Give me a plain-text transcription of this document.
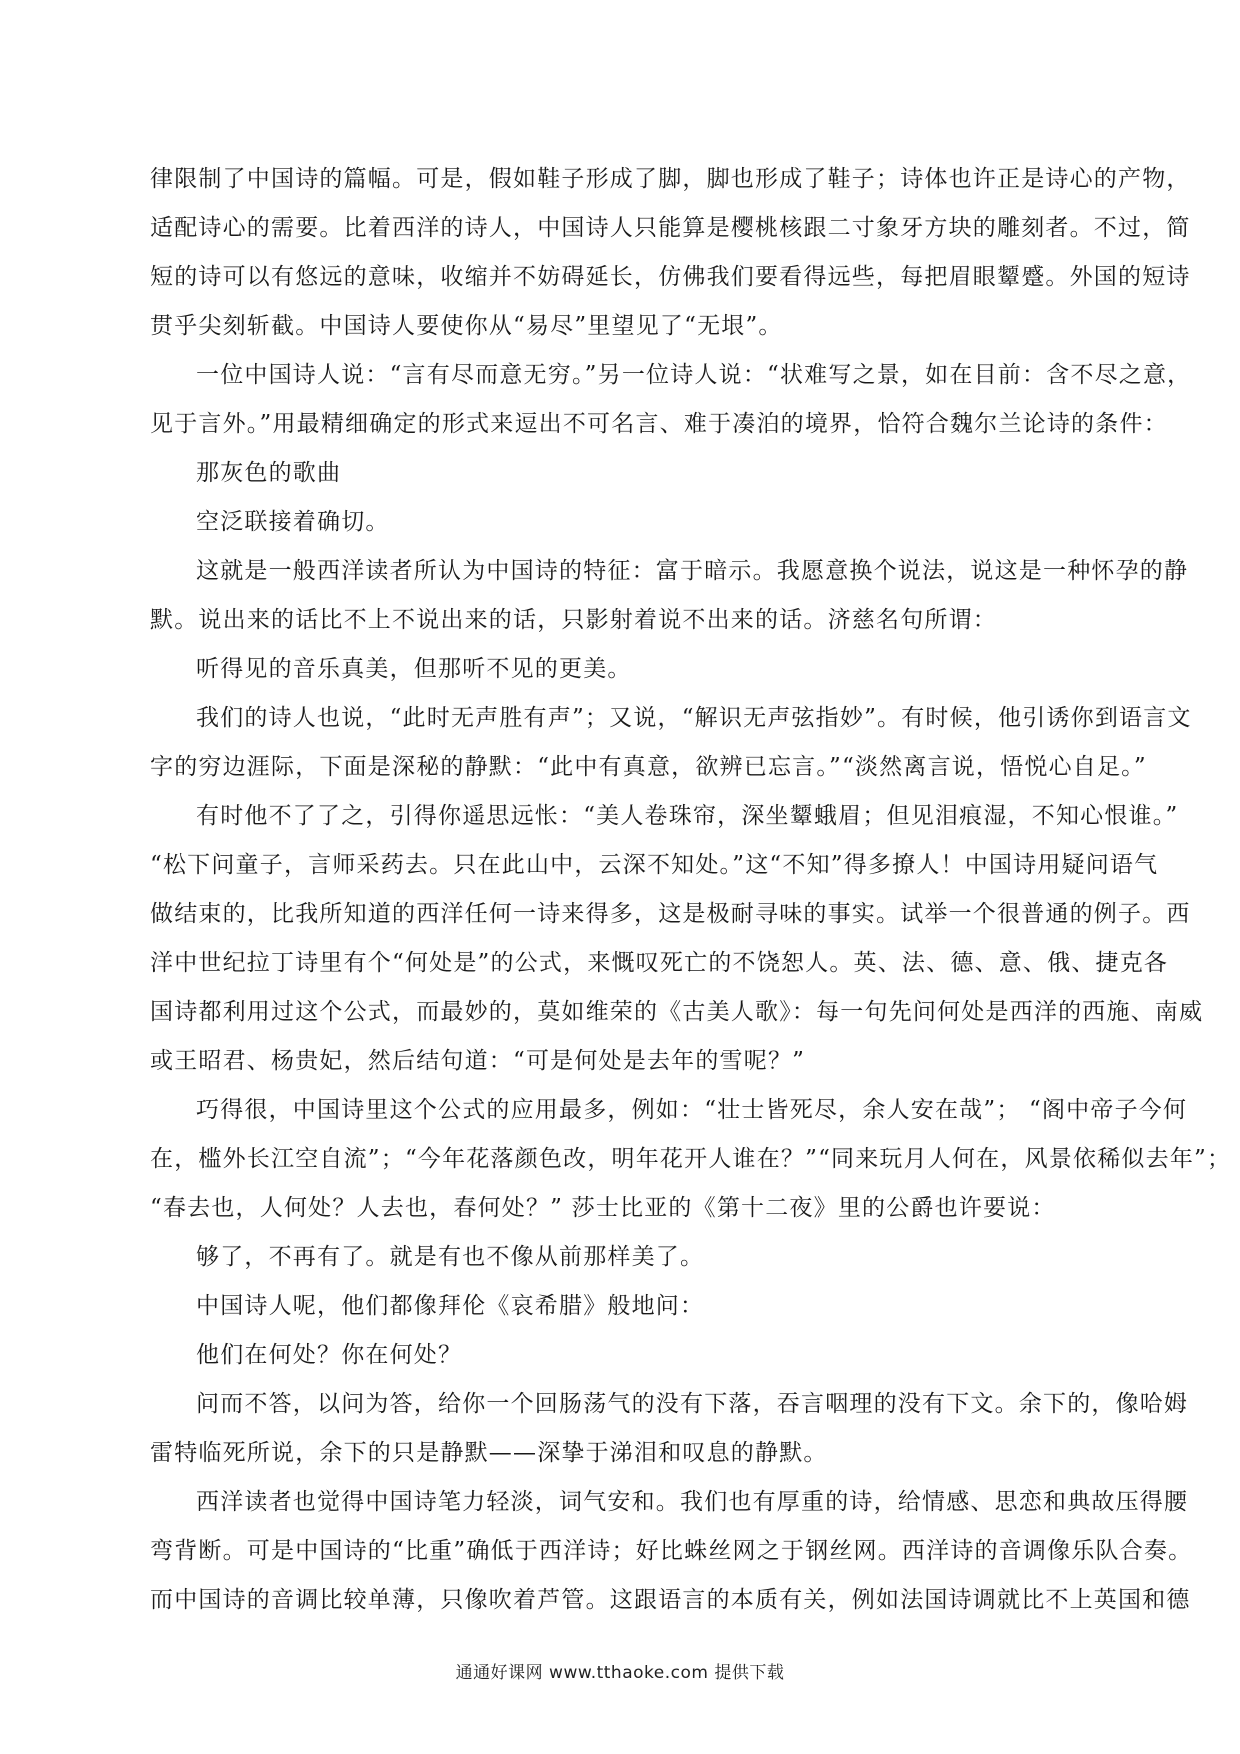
律限制了中国诗的篇幅。可是，假如鞋子形成了脚，脚也形成了鞋子；诗体也许正是诗心的产物，
适配诗心的需要。比着西洋的诗人，中国诗人只能算是樱桃核跟二寸象牙方块的雕刻者。不过，简
短的诗可以有悠远的意味，收缩并不妨碍延长，仿佛我们要看得远些，每把眉眼颦蹙。外国的短诗
贯乎尖刻斩截。中国诗人要使你从“易尽”里望见了“无垠”。
一位中国诗人说：“言有尽而意无穷。”另一位诗人说：“状难写之景，如在目前：含不尽之意，
见于言外。”用最精细确定的形式来逗出不可名言、难于凑泊的境界，恰符合魏尔兰论诗的条件：
那灰色的歌曲
空泛联接着确切。
这就是一般西洋读者所认为中国诗的特征：富于暗示。我愿意换个说法，说这是一种怀孕的静
默。说出来的话比不上不说出来的话，只影射着说不出来的话。济慈名句所谓：
听得见的音乐真美，但那听不见的更美。
我们的诗人也说，“此时无声胜有声”；又说，“解识无声弦指妙”。有时候，他引诱你到语言文
字的穷边涯际，下面是深秘的静默：“此中有真意，欲辨已忘言。”“淡然离言说，悟悦心自足。”
有时他不了了之，引得你遥思远怅：“美人卷珠帘，深坐颦蛾眉；但见泪痕湿，不知心恨谁。”
“松下问童子，言师采药去。只在此山中，云深不知处。”这“不知”得多撩人！中国诗用疑问语气
做结束的，比我所知道的西洋任何一诗来得多，这是极耐寻味的事实。试举一个很普通的例子。西
洋中世纪拉丁诗里有个“何处是”的公式，来慨叹死亡的不饶恕人。英、法、德、意、俄、捷克各
国诗都利用过这个公式，而最妙的，莫如维荣的《古美人歌》：每一句先问何处是西洋的西施、南威
或王昭君、杨贵妃，然后结句道：“可是何处是去年的雪呢？”
巧得很，中国诗里这个公式的应用最多，例如：“壮士皆死尽，余人安在哉”； “阁中帝子今何
在，槛外长江空自流”；“今年花落颜色改，明年花开人谁在？”“同来玩月人何在，风景依稀似去年”；
“春去也，人何处？人去也，春何处？” 莎士比亚的《第十二夜》里的公爵也许要说：
够了，不再有了。就是有也不像从前那样美了。
中国诗人呢，他们都像拜伦《哀希腊》般地问：
他们在何处？你在何处？
问而不答，以问为答，给你一个回肠荡气的没有下落，吞言咽理的没有下文。余下的，像哈姆
雷特临死所说，余下的只是静默——深挚于涕泪和叹息的静默。
西洋读者也觉得中国诗笔力轻淡，词气安和。我们也有厚重的诗，给情感、思恋和典故压得腰
弯背断。可是中国诗的“比重”确低于西洋诗；好比蛛丝网之于钢丝网。西洋诗的音调像乐队合奏。
而中国诗的音调比较单薄，只像吹着芦管。这跟语言的本质有关，例如法国诗调就比不上英国和德
通通好课网 www.tthaoke.com 提供下载
